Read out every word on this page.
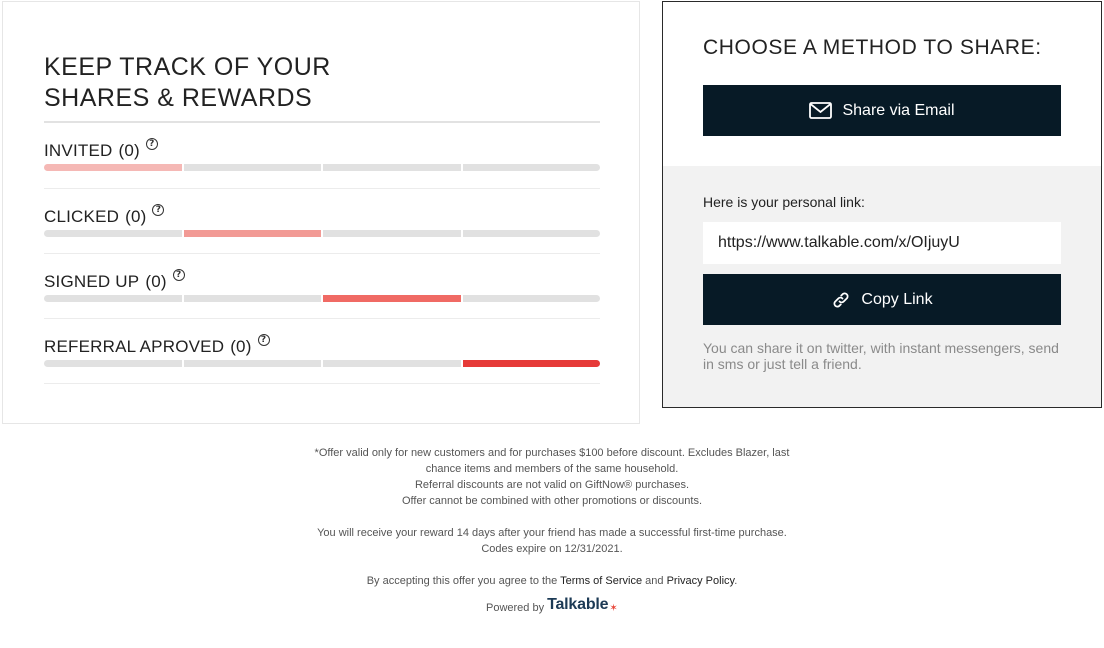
KEEP TRACK OF YOUR
SHARES & REWARDS
INVITED (0)	?
CLICKED (0)	?
SIGNED UP (0)	?
REFERRAL APROVED (0)	?
CHOOSE A METHOD TO SHARE:
Share via Email
Here is your personal link:
https://www.talkable.com/x/OIjuyU
Copy Link
You can share it on twitter, with instant messengers, send in sms or just tell a friend.

*Offer valid only for new customers and for purchases $100 before discount. Excludes Blazer, last chance items and members of the same household.
Referral discounts are not valid on GiftNow® purchases.
Offer cannot be combined with other promotions or discounts.

You will receive your reward 14 days after your friend has made a successful first-time purchase. Codes expire on 12/31/2021.

By accepting this offer you agree to the Terms of Service and Privacy Policy.

Powered by Talkable ✶
